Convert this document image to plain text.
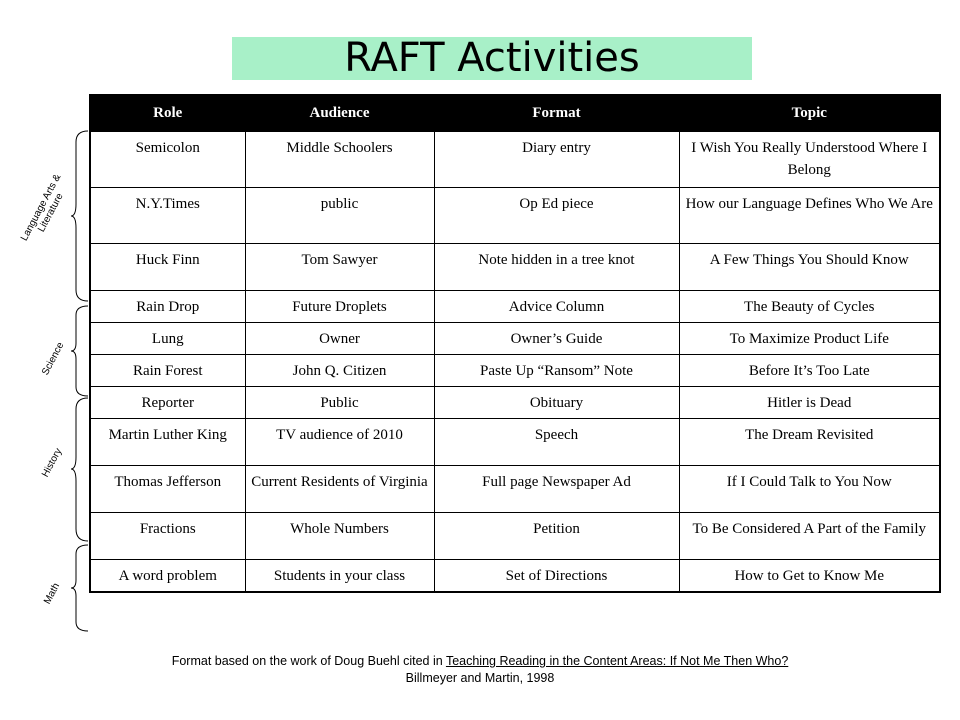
RAFT Activities
Role	Audience	Format	Topic
Semicolon	Middle Schoolers	Diary entry	I Wish You Really Understood Where I Belong
N.Y.Times	public	Op Ed piece	How our Language Defines Who We Are
Huck Finn	Tom Sawyer	Note hidden in a tree knot	A Few Things You Should Know
Rain Drop	Future Droplets	Advice Column	The Beauty of Cycles
Lung	Owner	Owner’s Guide	To Maximize Product Life
Rain Forest	John Q. Citizen	Paste Up “Ransom” Note	Before It’s Too Late
Reporter	Public	Obituary	Hitler is Dead
Martin Luther King	TV audience of 2010	Speech	The Dream Revisited
Thomas Jefferson	Current Residents of Virginia	Full page Newspaper Ad	If I Could Talk to You Now
Fractions	Whole Numbers	Petition	To Be Considered A Part of the Family
A word problem	Students in your class	Set of Directions	How to Get to Know Me
Language Arts & Literature
Science
History
Math
Format based on the work of Doug Buehl cited in Teaching Reading in the Content Areas: If Not Me Then Who?
Billmeyer and Martin, 1998
